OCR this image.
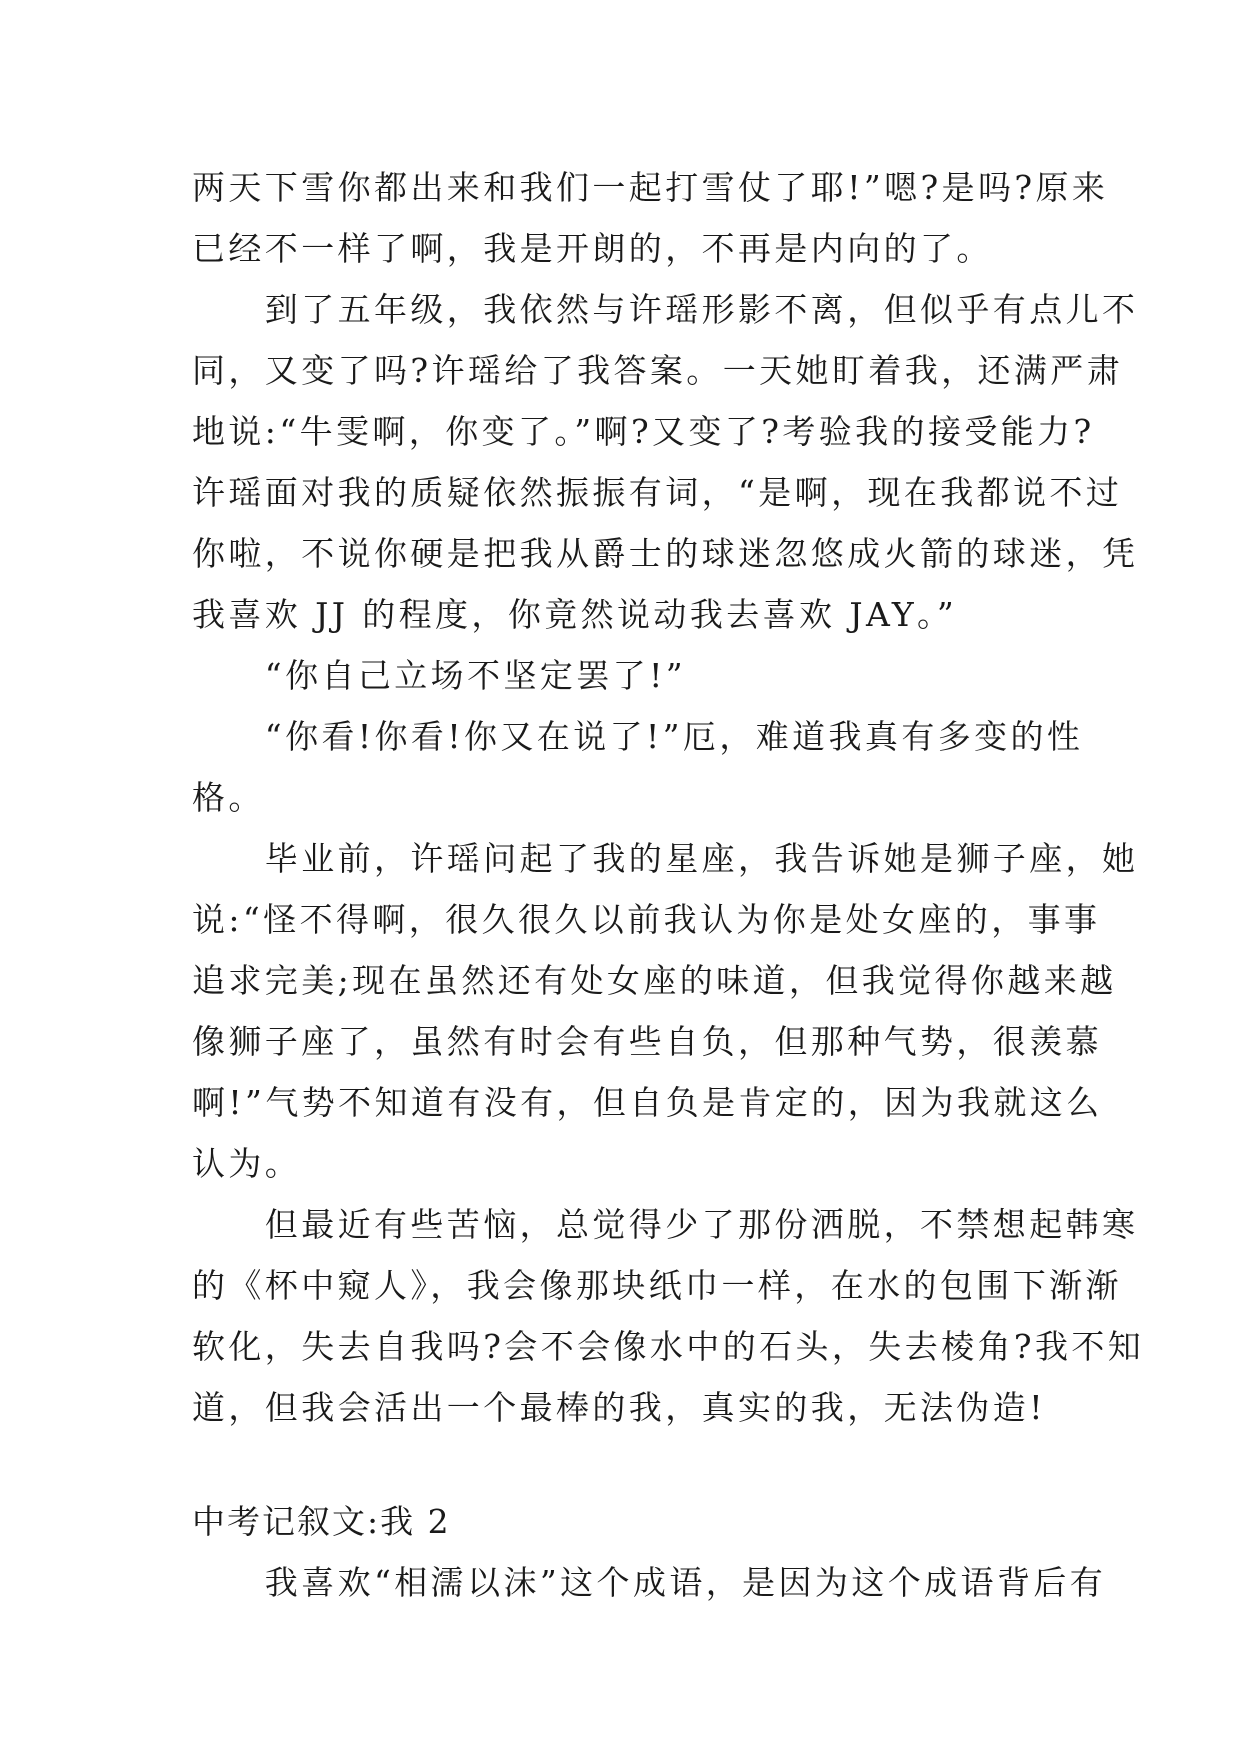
两天下雪你都出来和我们一起打雪仗了耶!”嗯?是吗?原来
已经不一样了啊，我是开朗的，不再是内向的了。
　　到了五年级，我依然与许瑶形影不离，但似乎有点儿不
同，又变了吗?许瑶给了我答案。一天她盯着我，还满严肃
地说:“牛雯啊，你变了。”啊?又变了?考验我的接受能力?
许瑶面对我的质疑依然振振有词，“是啊，现在我都说不过
你啦，不说你硬是把我从爵士的球迷忽悠成火箭的球迷，凭
我喜欢 JJ 的程度，你竟然说动我去喜欢 JAY。”
　　“你自己立场不坚定罢了!”
　　“你看!你看!你又在说了!”厄，难道我真有多变的性
格。
　　毕业前，许瑶问起了我的星座，我告诉她是狮子座，她
说:“怪不得啊，很久很久以前我认为你是处女座的，事事
追求完美;现在虽然还有处女座的味道，但我觉得你越来越
像狮子座了，虽然有时会有些自负，但那种气势，很羡慕
啊!”气势不知道有没有，但自负是肯定的，因为我就这么
认为。
　　但最近有些苦恼，总觉得少了那份洒脱，不禁想起韩寒
的《杯中窥人》，我会像那块纸巾一样，在水的包围下渐渐
软化，失去自我吗?会不会像水中的石头，失去棱角?我不知
道，但我会活出一个最棒的我，真实的我，无法伪造!
中考记叙文:我 2
　　我喜欢“相濡以沫”这个成语，是因为这个成语背后有
